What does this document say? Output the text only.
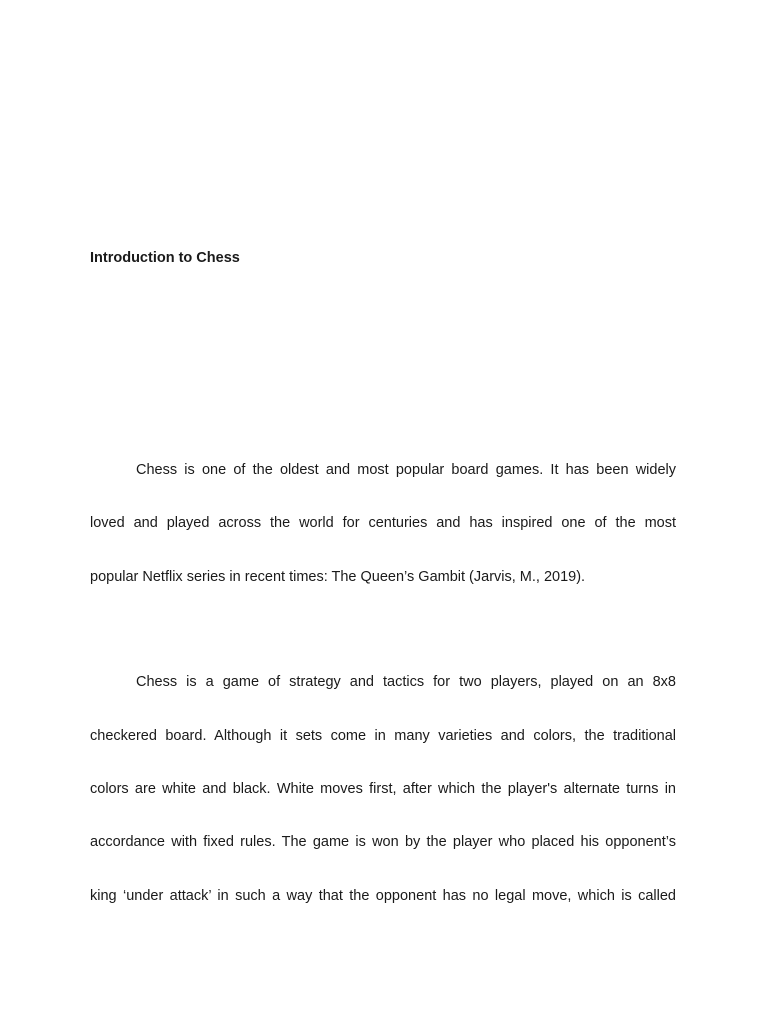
Introduction to Chess
Chess is one of the oldest and most popular board games. It has been widely
loved and played across the world for centuries and has inspired one of the most
popular Netflix series in recent times: The Queen’s Gambit (Jarvis, M., 2019).
Chess is a game of strategy and tactics for two players, played on an 8x8
checkered board. Although it sets come in many varieties and colors, the traditional
colors are white and black. White moves first, after which the player's alternate turns in
accordance with fixed rules. The game is won by the player who placed his opponent’s
king ‘under attack’ in such a way that the opponent has no legal move, which is called
